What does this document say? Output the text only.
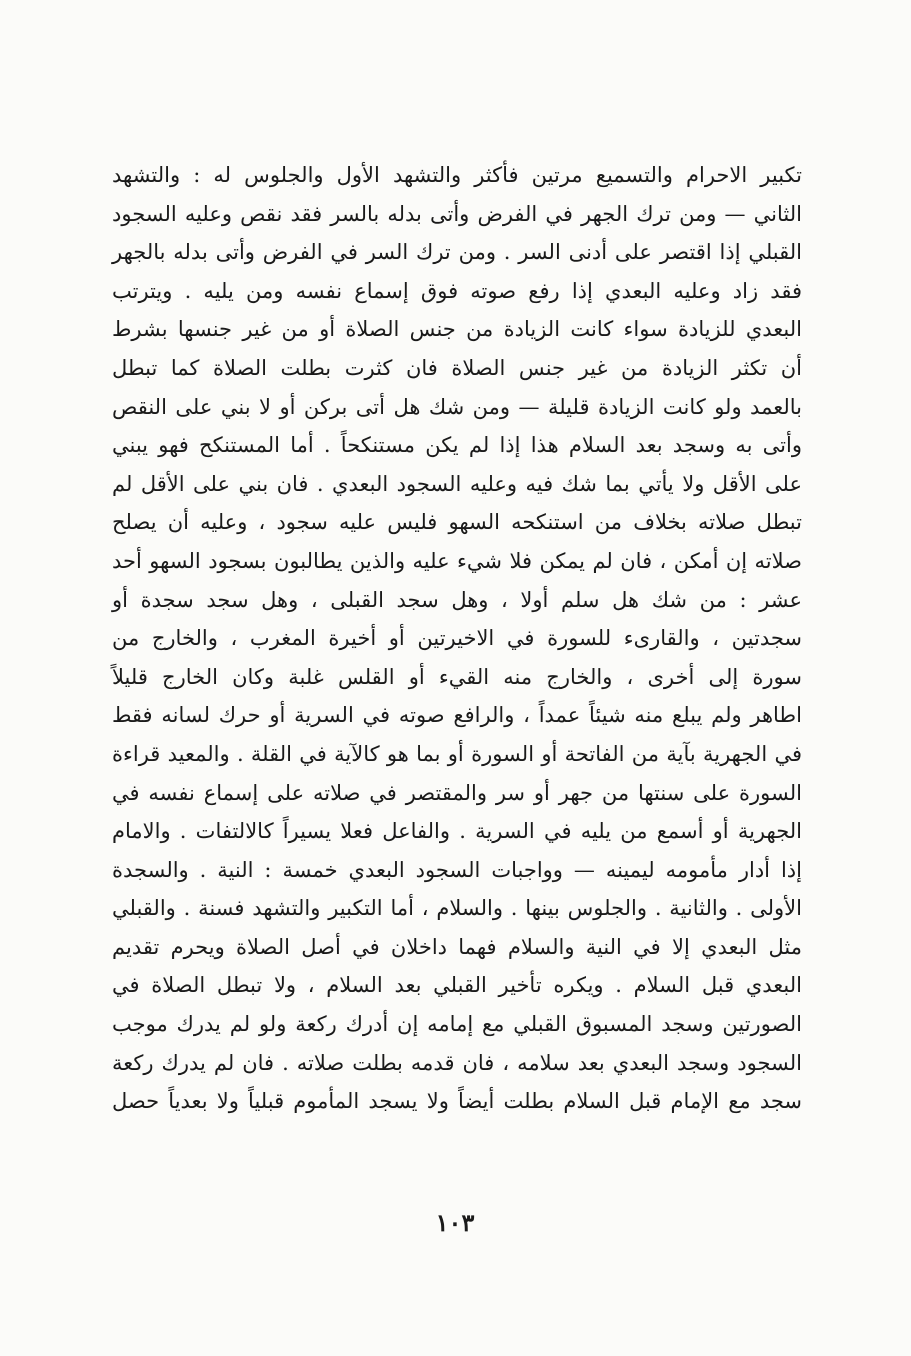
تكبير الاحرام والتسميع مرتين فأكثر والتشهد الأول والجلوس له : والتشهد
الثاني — ومن ترك الجهر في الفرض وأتى بدله بالسر فقد نقص وعليه السجود
القبلي إذا اقتصر على أدنى السر . ومن ترك السر في الفرض وأتى بدله بالجهر
فقد زاد وعليه البعدي إذا رفع صوته فوق إسماع نفسه ومن يليه . ويترتب
البعدي للزيادة سواء كانت الزيادة من جنس الصلاة أو من غير جنسها بشرط
أن تكثر الزيادة من غير جنس الصلاة فان كثرت بطلت الصلاة كما تبطل
بالعمد ولو كانت الزيادة قليلة — ومن شك هل أتى بركن أو لا بني على النقص
وأتى به وسجد بعد السلام هذا إذا لم يكن مستنكحاً . أما المستنكح فهو يبني
على الأقل ولا يأتي بما شك فيه وعليه السجود البعدي . فان بني على الأقل لم
تبطل صلاته بخلاف من استنكحه السهو فليس عليه سجود ، وعليه أن يصلح
صلاته إن أمكن ، فان لم يمكن فلا شيء عليه والذين يطالبون بسجود السهو أحد
عشر : من شك هل سلم أولا ، وهل سجد القبلى ، وهل سجد سجدة أو
سجدتين ، والقارىء للسورة في الاخيرتين أو أخيرة المغرب ، والخارج من
سورة إلى أخرى ، والخارج منه القيء أو القلس غلبة وكان الخارج قليلاً
اطاهر ولم يبلع منه شيئاً عمداً ، والرافع صوته في السرية أو حرك لسانه فقط
في الجهرية بآية من الفاتحة أو السورة أو بما هو كالآية في القلة . والمعيد قراءة
السورة على سنتها من جهر أو سر والمقتصر في صلاته على إسماع نفسه في
الجهرية أو أسمع من يليه في السرية . والفاعل فعلا يسيراً كالالتفات . والامام
إذا أدار مأمومه ليمينه — وواجبات السجود البعدي خمسة : النية . والسجدة
الأولى . والثانية . والجلوس بينها . والسلام ، أما التكبير والتشهد فسنة . والقبلي
مثل البعدي إلا في النية والسلام فهما داخلان في أصل الصلاة ويحرم تقديم
البعدي قبل السلام . ويكره تأخير القبلي بعد السلام ، ولا تبطل الصلاة في
الصورتين وسجد المسبوق القبلي مع إمامه إن أدرك ركعة ولو لم يدرك موجب
السجود وسجد البعدي بعد سلامه ، فان قدمه بطلت صلاته . فان لم يدرك ركعة
سجد مع الإمام قبل السلام بطلت أيضاً ولا يسجد المأموم قبلياً ولا بعدياً حصل
١٠٣
